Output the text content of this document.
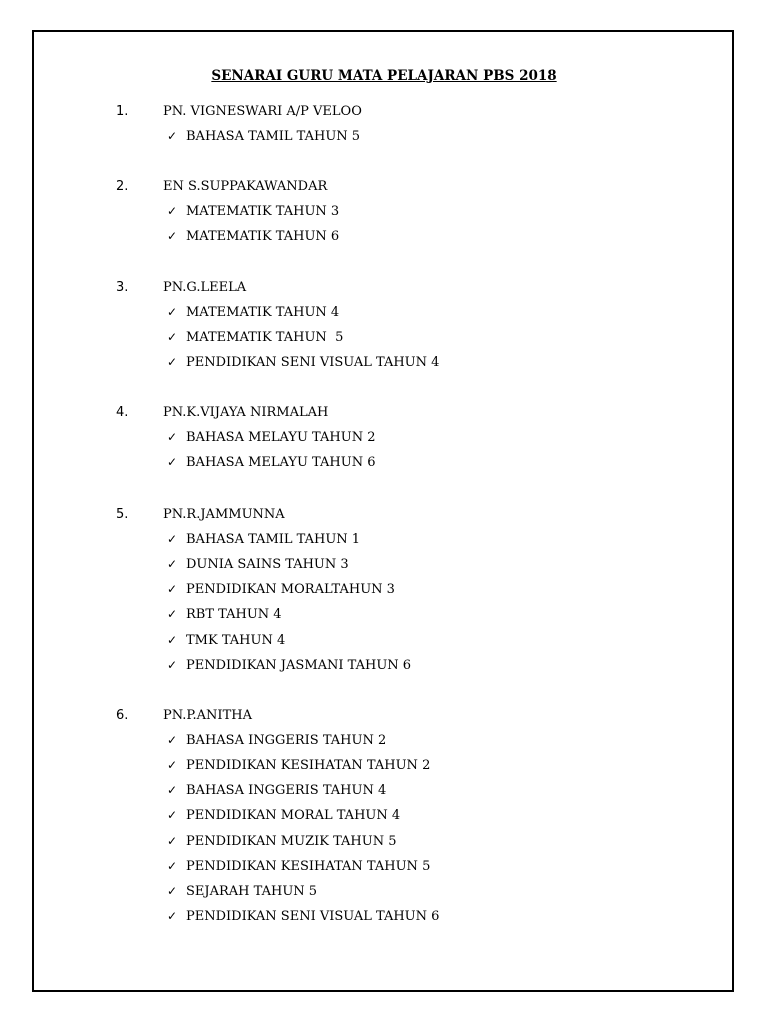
SENARAI GURU MATA PELAJARAN PBS 2018
1.	PN. VIGNESWARI A/P VELOO
✓ BAHASA TAMIL TAHUN 5
2.	EN S.SUPPAKAWANDAR
✓ MATEMATIK TAHUN 3
✓ MATEMATIK TAHUN 6
3.	PN.G.LEELA
✓ MATEMATIK TAHUN 4
✓ MATEMATIK TAHUN  5
✓ PENDIDIKAN SENI VISUAL TAHUN 4
4.	PN.K.VIJAYA NIRMALAH
✓ BAHASA MELAYU TAHUN 2
✓ BAHASA MELAYU TAHUN 6
5.	PN.R.JAMMUNNA
✓ BAHASA TAMIL TAHUN 1
✓ DUNIA SAINS TAHUN 3
✓ PENDIDIKAN MORALTAHUN 3
✓ RBT TAHUN 4
✓ TMK TAHUN 4
✓ PENDIDIKAN JASMANI TAHUN 6
6.	PN.P.ANITHA
✓ BAHASA INGGERIS TAHUN 2
✓ PENDIDIKAN KESIHATAN TAHUN 2
✓ BAHASA INGGERIS TAHUN 4
✓ PENDIDIKAN MORAL TAHUN 4
✓ PENDIDIKAN MUZIK TAHUN 5
✓ PENDIDIKAN KESIHATAN TAHUN 5
✓ SEJARAH TAHUN 5
✓ PENDIDIKAN SENI VISUAL TAHUN 6
